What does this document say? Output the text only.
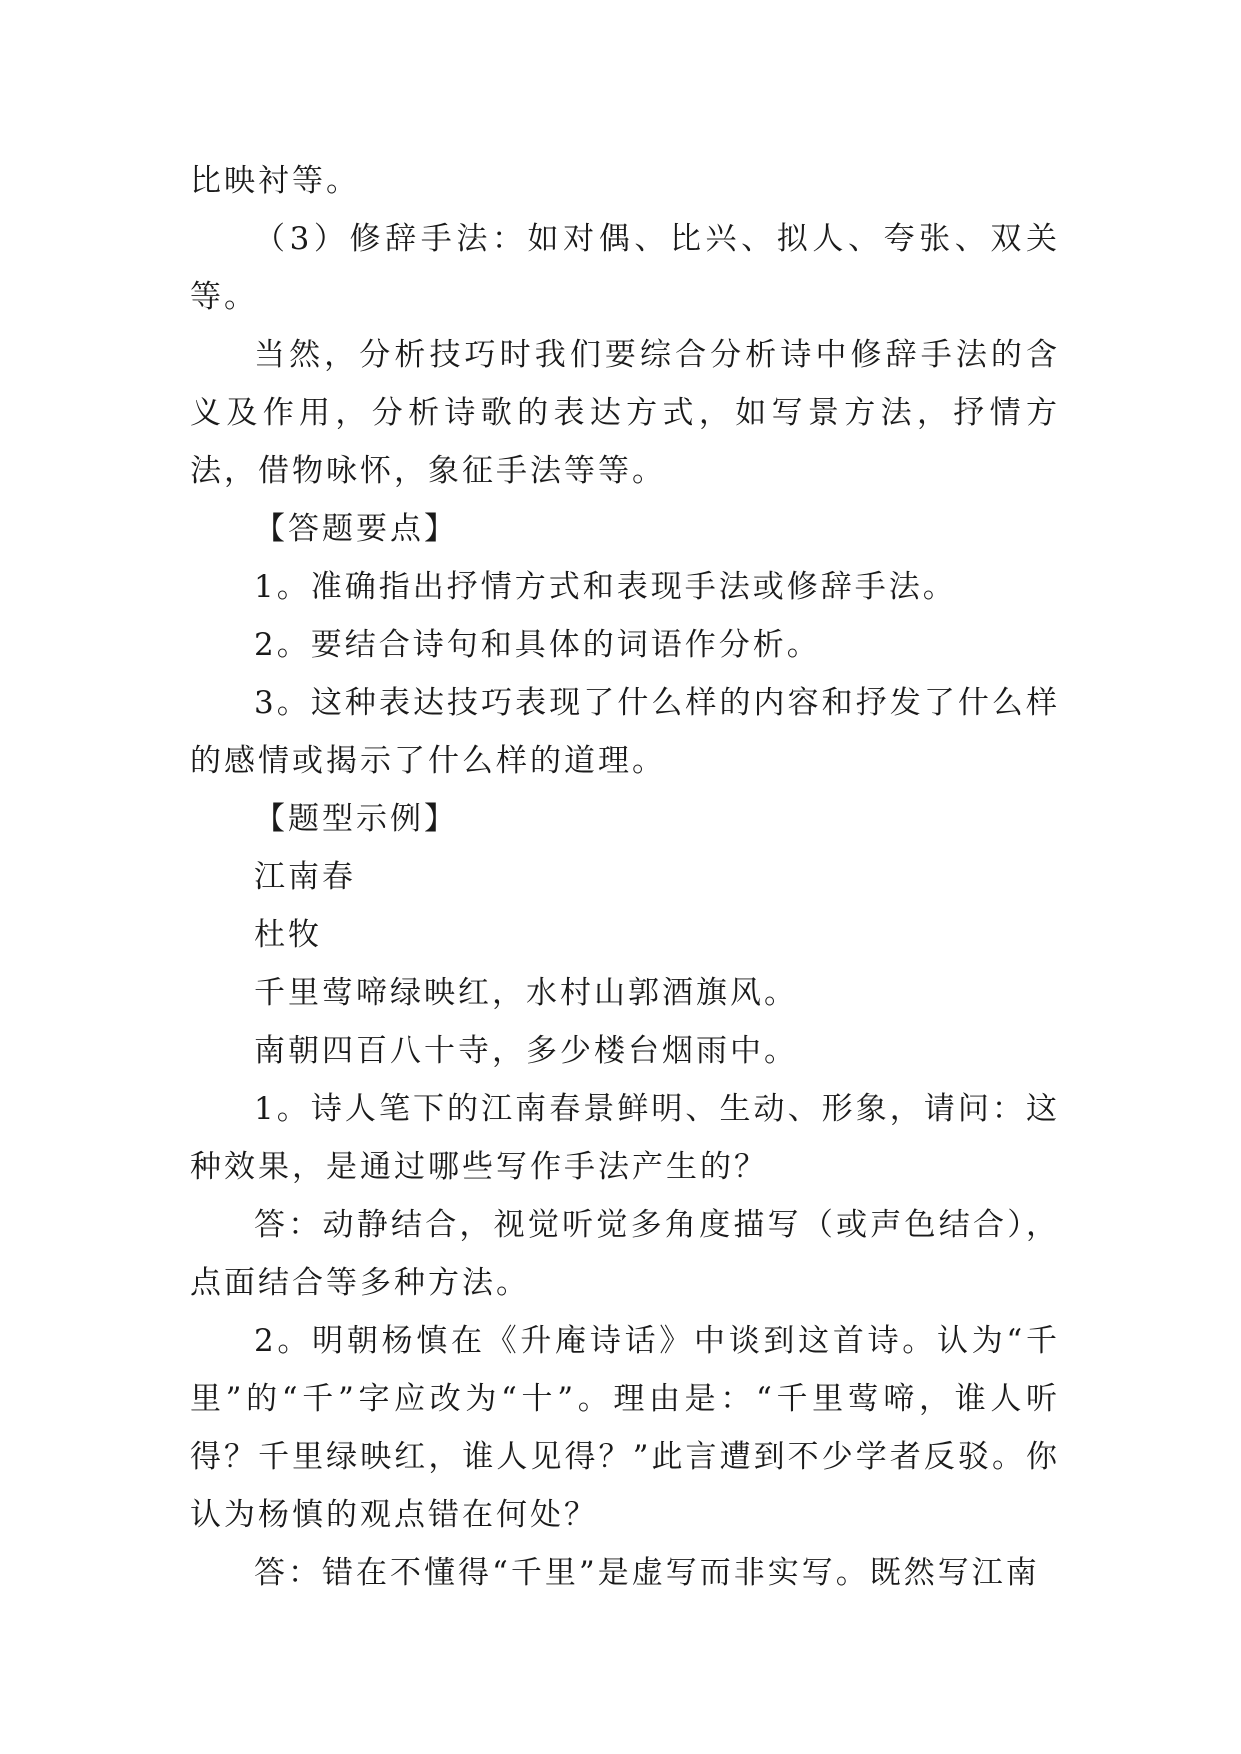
比映衬等。

（3）修辞手法：如对偶、比兴、拟人、夸张、双关等。

当然，分析技巧时我们要综合分析诗中修辞手法的含义及作用，分析诗歌的表达方式，如写景方法，抒情方法，借物咏怀，象征手法等等。

【答题要点】

1。准确指出抒情方式和表现手法或修辞手法。

2。要结合诗句和具体的词语作分析。

3。这种表达技巧表现了什么样的内容和抒发了什么样的感情或揭示了什么样的道理。

【题型示例】

江南春

杜牧

千里莺啼绿映红，水村山郭酒旗风。

南朝四百八十寺，多少楼台烟雨中。

1。诗人笔下的江南春景鲜明、生动、形象，请问：这种效果，是通过哪些写作手法产生的？

答：动静结合，视觉听觉多角度描写（或声色结合），点面结合等多种方法。

2。明朝杨慎在《升庵诗话》中谈到这首诗。认为“千里”的“千”字应改为“十”。理由是：“千里莺啼，谁人听得？千里绿映红，谁人见得？”此言遭到不少学者反驳。你认为杨慎的观点错在何处？

答：错在不懂得“千里”是虚写而非实写。既然写江南
